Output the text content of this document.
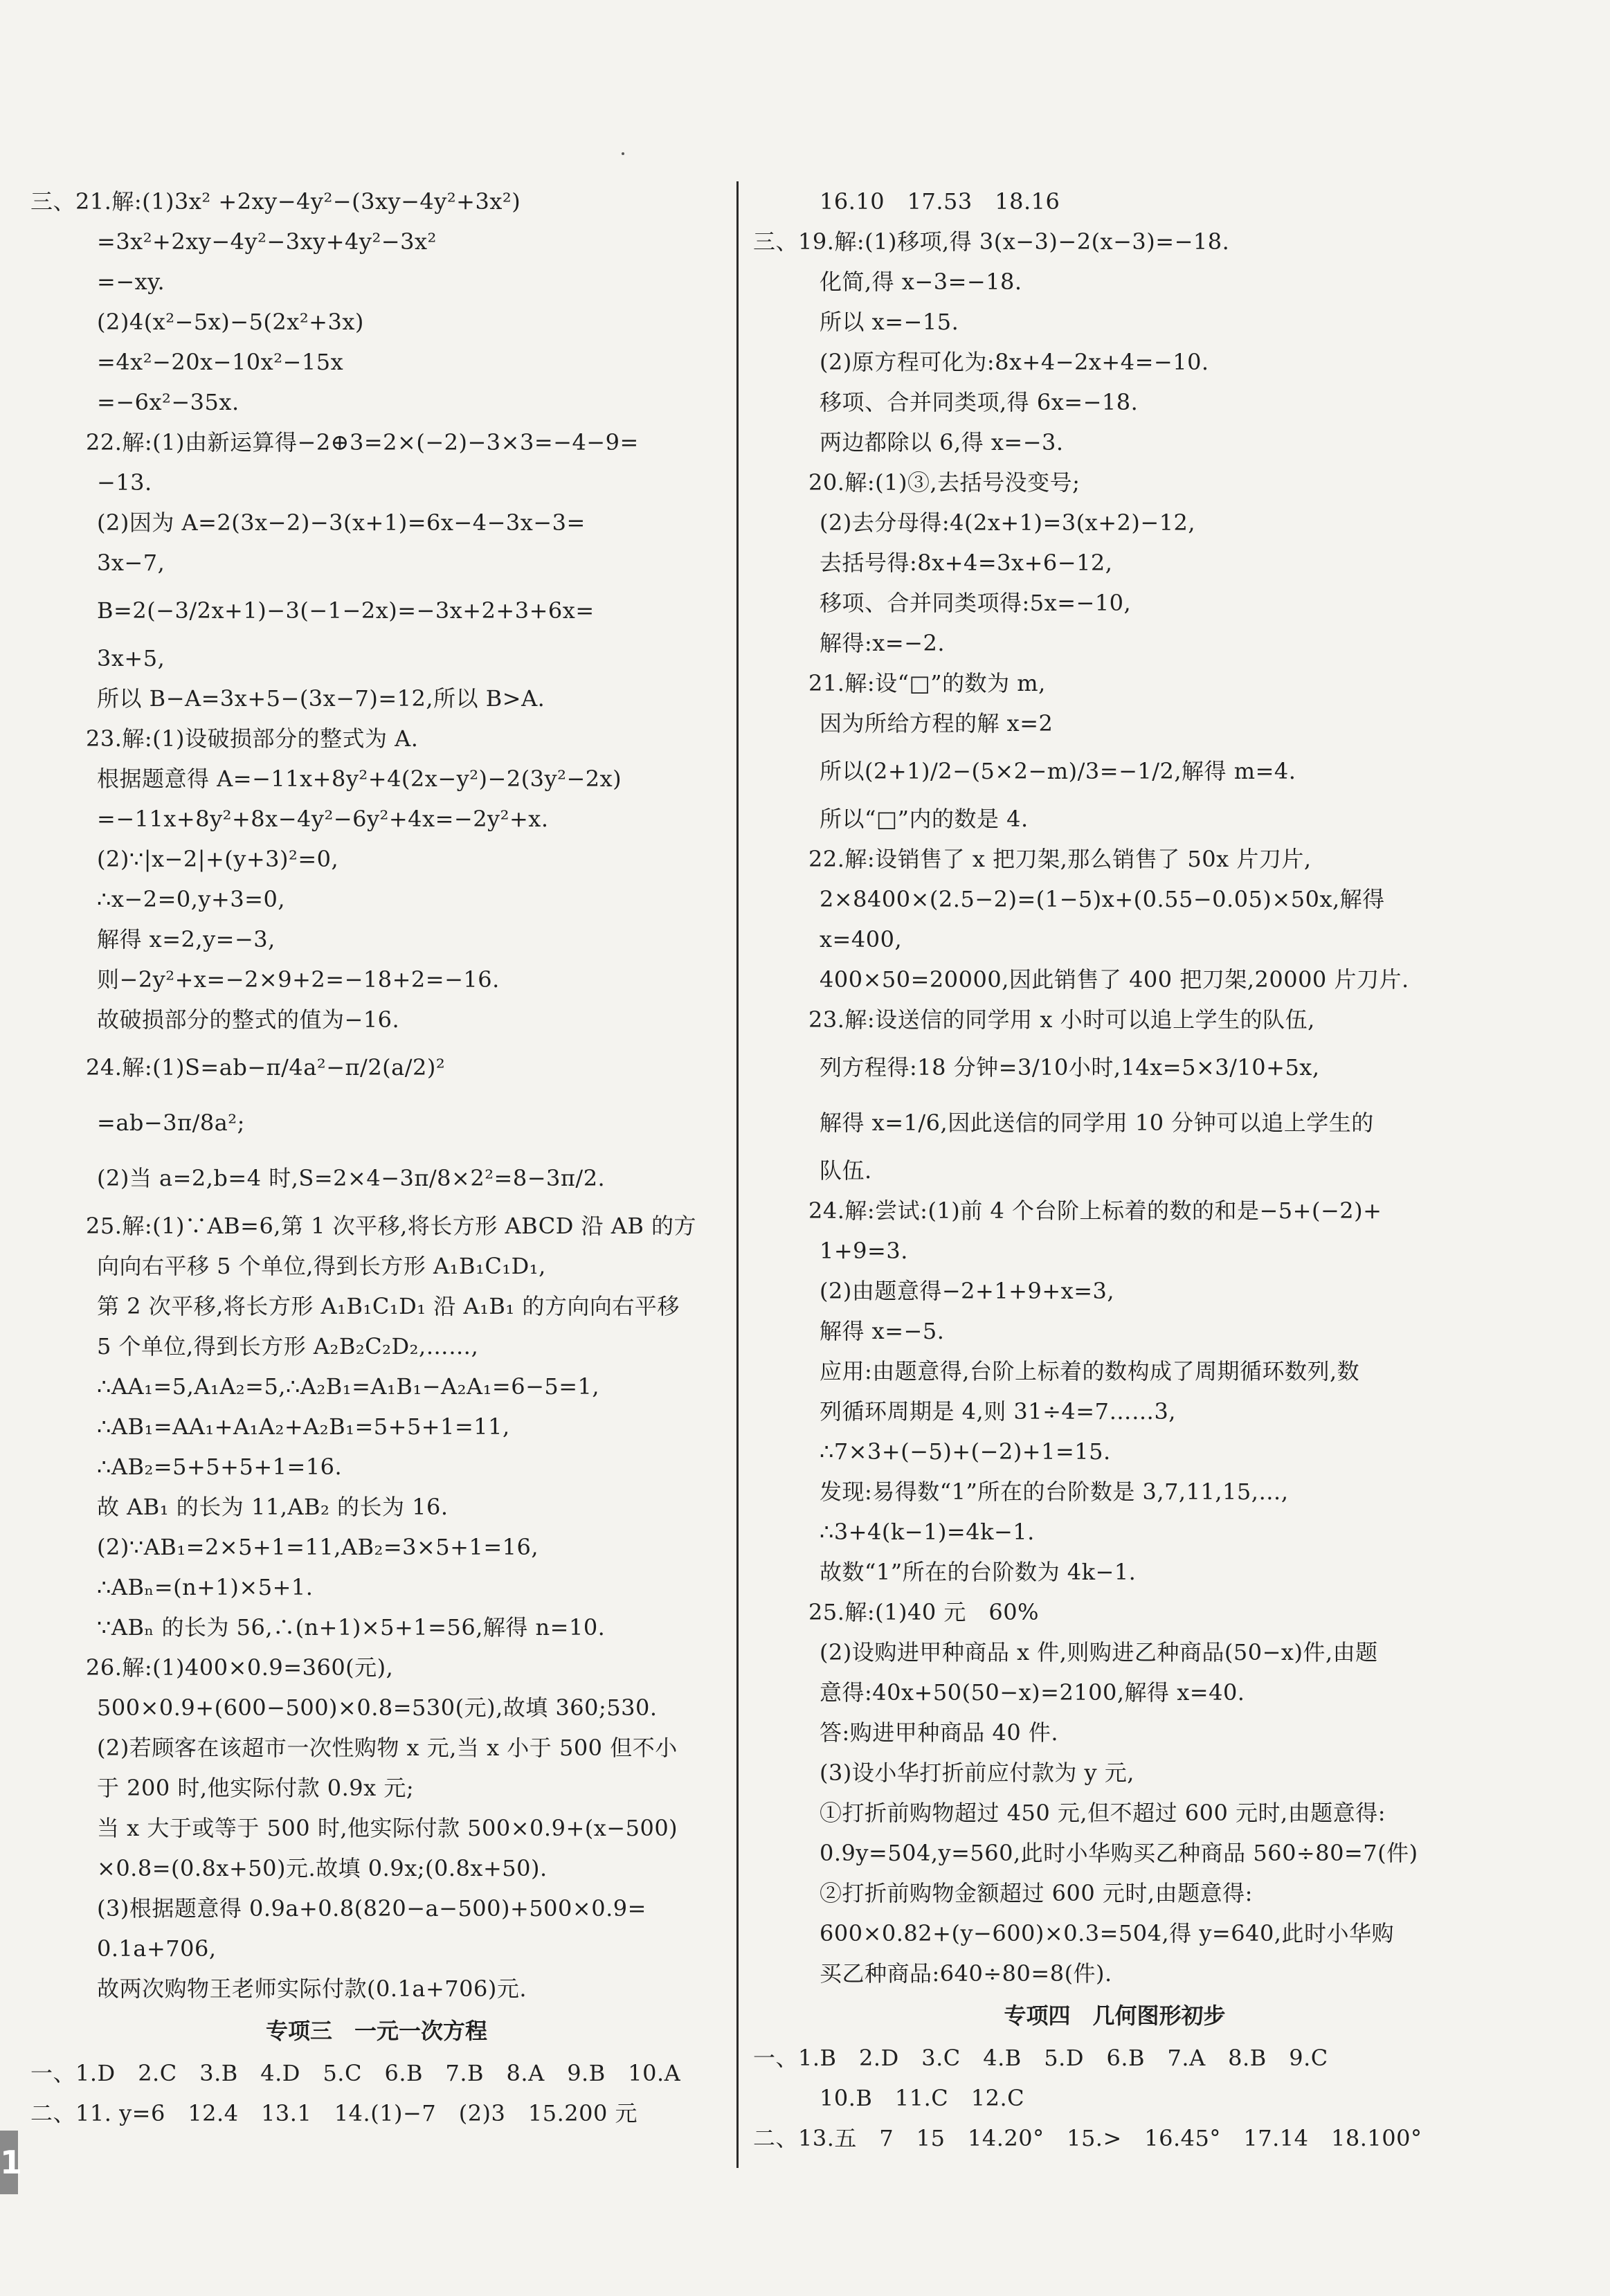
三、21.解:(1)3x² +2xy−4y²−(3xy−4y²+3x²)
=3x²+2xy−4y²−3xy+4y²−3x²
=−xy.
(2)4(x²−5x)−5(2x²+3x)
=4x²−20x−10x²−15x
=−6x²−35x.
22.解:(1)由新运算得−2⊕3=2×(−2)−3×3=−4−9=
−13.
(2)因为 A=2(3x−2)−3(x+1)=6x−4−3x−3=
3x−7,
B=2(−3/2x+1)−3(−1−2x)=−3x+2+3+6x=
3x+5,
所以 B−A=3x+5−(3x−7)=12,所以 B>A.
23.解:(1)设破损部分的整式为 A.
根据题意得 A=−11x+8y²+4(2x−y²)−2(3y²−2x)
=−11x+8y²+8x−4y²−6y²+4x=−2y²+x.
(2)∵|x−2|+(y+3)²=0,
∴x−2=0,y+3=0,
解得 x=2,y=−3,
则−2y²+x=−2×9+2=−18+2=−16.
故破损部分的整式的值为−16.
24.解:(1)S=ab−π/4a²−π/2(a/2)²
=ab−3π/8a²;
(2)当 a=2,b=4 时,S=2×4−3π/8×2²=8−3π/2.
25.解:(1)∵AB=6,第 1 次平移,将长方形 ABCD 沿 AB 的方
向向右平移 5 个单位,得到长方形 A₁B₁C₁D₁,
第 2 次平移,将长方形 A₁B₁C₁D₁ 沿 A₁B₁ 的方向向右平移
5 个单位,得到长方形 A₂B₂C₂D₂,……,
∴AA₁=5,A₁A₂=5,∴A₂B₁=A₁B₁−A₂A₁=6−5=1,
∴AB₁=AA₁+A₁A₂+A₂B₁=5+5+1=11,
∴AB₂=5+5+5+1=16.
故 AB₁ 的长为 11,AB₂ 的长为 16.
(2)∵AB₁=2×5+1=11,AB₂=3×5+1=16,
∴ABₙ=(n+1)×5+1.
∵ABₙ 的长为 56,∴(n+1)×5+1=56,解得 n=10.
26.解:(1)400×0.9=360(元),
500×0.9+(600−500)×0.8=530(元),故填 360;530.
(2)若顾客在该超市一次性购物 x 元,当 x 小于 500 但不小
于 200 时,他实际付款 0.9x 元;
当 x 大于或等于 500 时,他实际付款 500×0.9+(x−500)
×0.8=(0.8x+50)元.故填 0.9x;(0.8x+50).
(3)根据题意得 0.9a+0.8(820−a−500)+500×0.9=
0.1a+706,
故两次购物王老师实际付款(0.1a+706)元.
专项三　一元一次方程
一、1.D　2.C　3.B　4.D　5.C　6.B　7.B　8.A　9.B　10.A
二、11. y=6　12.4　13.1　14.(1)−7　(2)3　15.200 元
16.10　17.53　18.16
三、19.解:(1)移项,得 3(x−3)−2(x−3)=−18.
化简,得 x−3=−18.
所以 x=−15.
(2)原方程可化为:8x+4−2x+4=−10.
移项、合并同类项,得 6x=−18.
两边都除以 6,得 x=−3.
20.解:(1)③,去括号没变号;
(2)去分母得:4(2x+1)=3(x+2)−12,
去括号得:8x+4=3x+6−12,
移项、合并同类项得:5x=−10,
解得:x=−2.
21.解:设“□”的数为 m,
因为所给方程的解 x=2
所以(2+1)/2−(5×2−m)/3=−1/2,解得 m=4.
所以“□”内的数是 4.
22.解:设销售了 x 把刀架,那么销售了 50x 片刀片,
2×8400×(2.5−2)=(1−5)x+(0.55−0.05)×50x,解得
x=400,
400×50=20000,因此销售了 400 把刀架,20000 片刀片.
23.解:设送信的同学用 x 小时可以追上学生的队伍,
列方程得:18 分钟=3/10小时,14x=5×3/10+5x,
解得 x=1/6,因此送信的同学用 10 分钟可以追上学生的
队伍.
24.解:尝试:(1)前 4 个台阶上标着的数的和是−5+(−2)+
1+9=3.
(2)由题意得−2+1+9+x=3,
解得 x=−5.
应用:由题意得,台阶上标着的数构成了周期循环数列,数
列循环周期是 4,则 31÷4=7……3,
∴7×3+(−5)+(−2)+1=15.
发现:易得数“1”所在的台阶数是 3,7,11,15,…,
∴3+4(k−1)=4k−1.
故数“1”所在的台阶数为 4k−1.
25.解:(1)40 元　60%
(2)设购进甲种商品 x 件,则购进乙种商品(50−x)件,由题
意得:40x+50(50−x)=2100,解得 x=40.
答:购进甲种商品 40 件.
(3)设小华打折前应付款为 y 元,
①打折前购物超过 450 元,但不超过 600 元时,由题意得:
0.9y=504,y=560,此时小华购买乙种商品 560÷80=7(件)
②打折前购物金额超过 600 元时,由题意得:
600×0.82+(y−600)×0.3=504,得 y=640,此时小华购
买乙种商品:640÷80=8(件).
专项四　几何图形初步
一、1.B　2.D　3.C　4.B　5.D　6.B　7.A　8.B　9.C
10.B　11.C　12.C
二、13.五　7　15　14.20°　15.>　16.45°　17.14　18.100°
1
